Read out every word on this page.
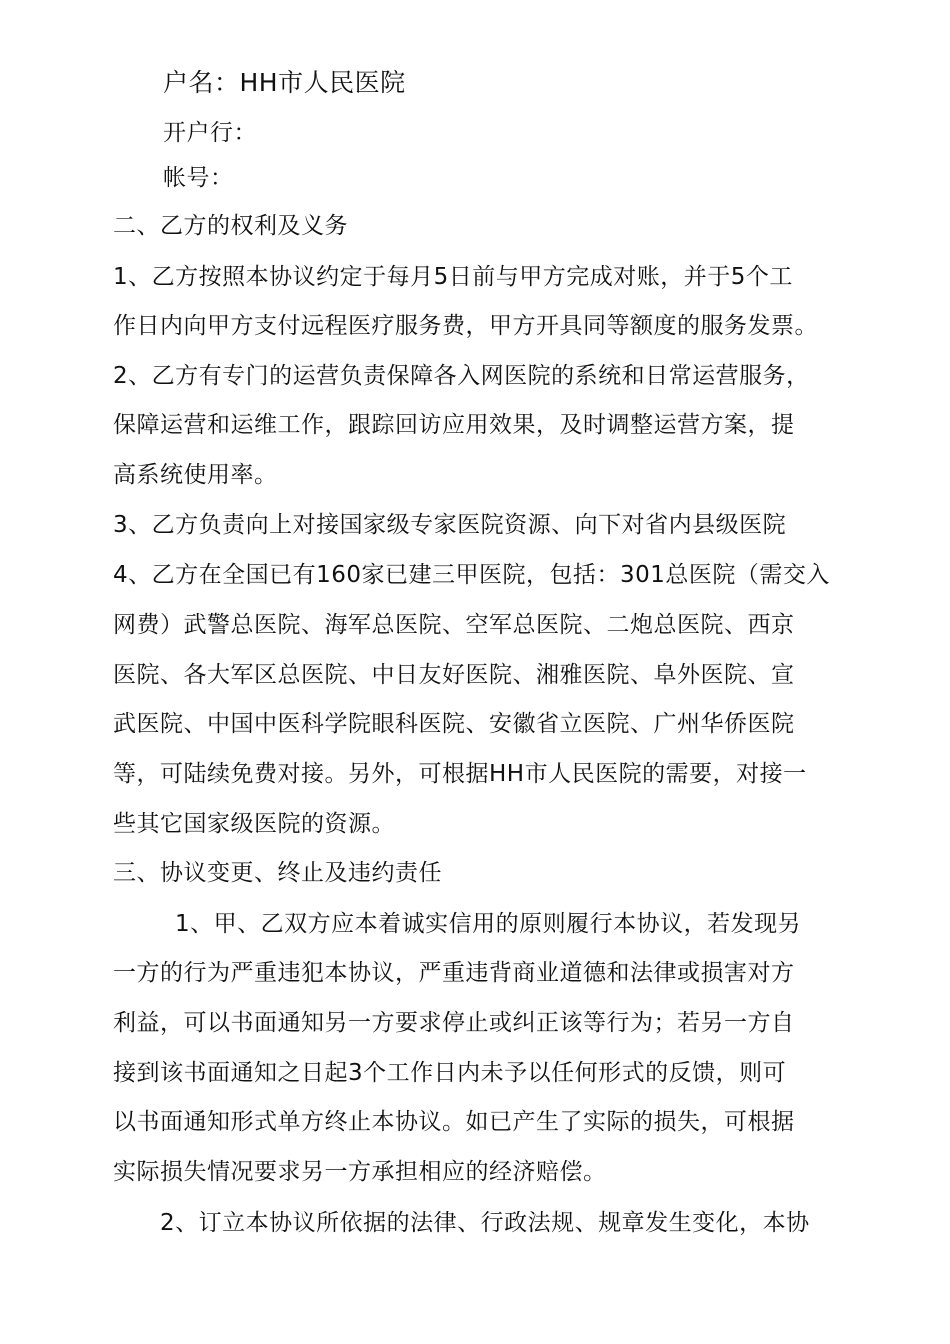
户名：HH市人民医院
开户行：
帐号：
二、乙方的权利及义务
1、乙方按照本协议约定于每月5日前与甲方完成对账，并于5个工
作日内向甲方支付远程医疗服务费，甲方开具同等额度的服务发票。
2、乙方有专门的运营负责保障各入网医院的系统和日常运营服务，
保障运营和运维工作，跟踪回访应用效果，及时调整运营方案，提
高系统使用率。
3、乙方负责向上对接国家级专家医院资源、向下对省内县级医院
4、乙方在全国已有160家已建三甲医院，包括：301总医院（需交入
网费）武警总医院、海军总医院、空军总医院、二炮总医院、西京
医院、各大军区总医院、中日友好医院、湘雅医院、阜外医院、宣
武医院、中国中医科学院眼科医院、安徽省立医院、广州华侨医院
等，可陆续免费对接。另外，可根据HH市人民医院的需要，对接一
些其它国家级医院的资源。
三、协议变更、终止及违约责任
1、甲、乙双方应本着诚实信用的原则履行本协议，若发现另
一方的行为严重违犯本协议，严重违背商业道德和法律或损害对方
利益，可以书面通知另一方要求停止或纠正该等行为；若另一方自
接到该书面通知之日起3个工作日内未予以任何形式的反馈，则可
以书面通知形式单方终止本协议。如已产生了实际的损失，可根据
实际损失情况要求另一方承担相应的经济赔偿。
2、订立本协议所依据的法律、行政法规、规章发生变化，本协
